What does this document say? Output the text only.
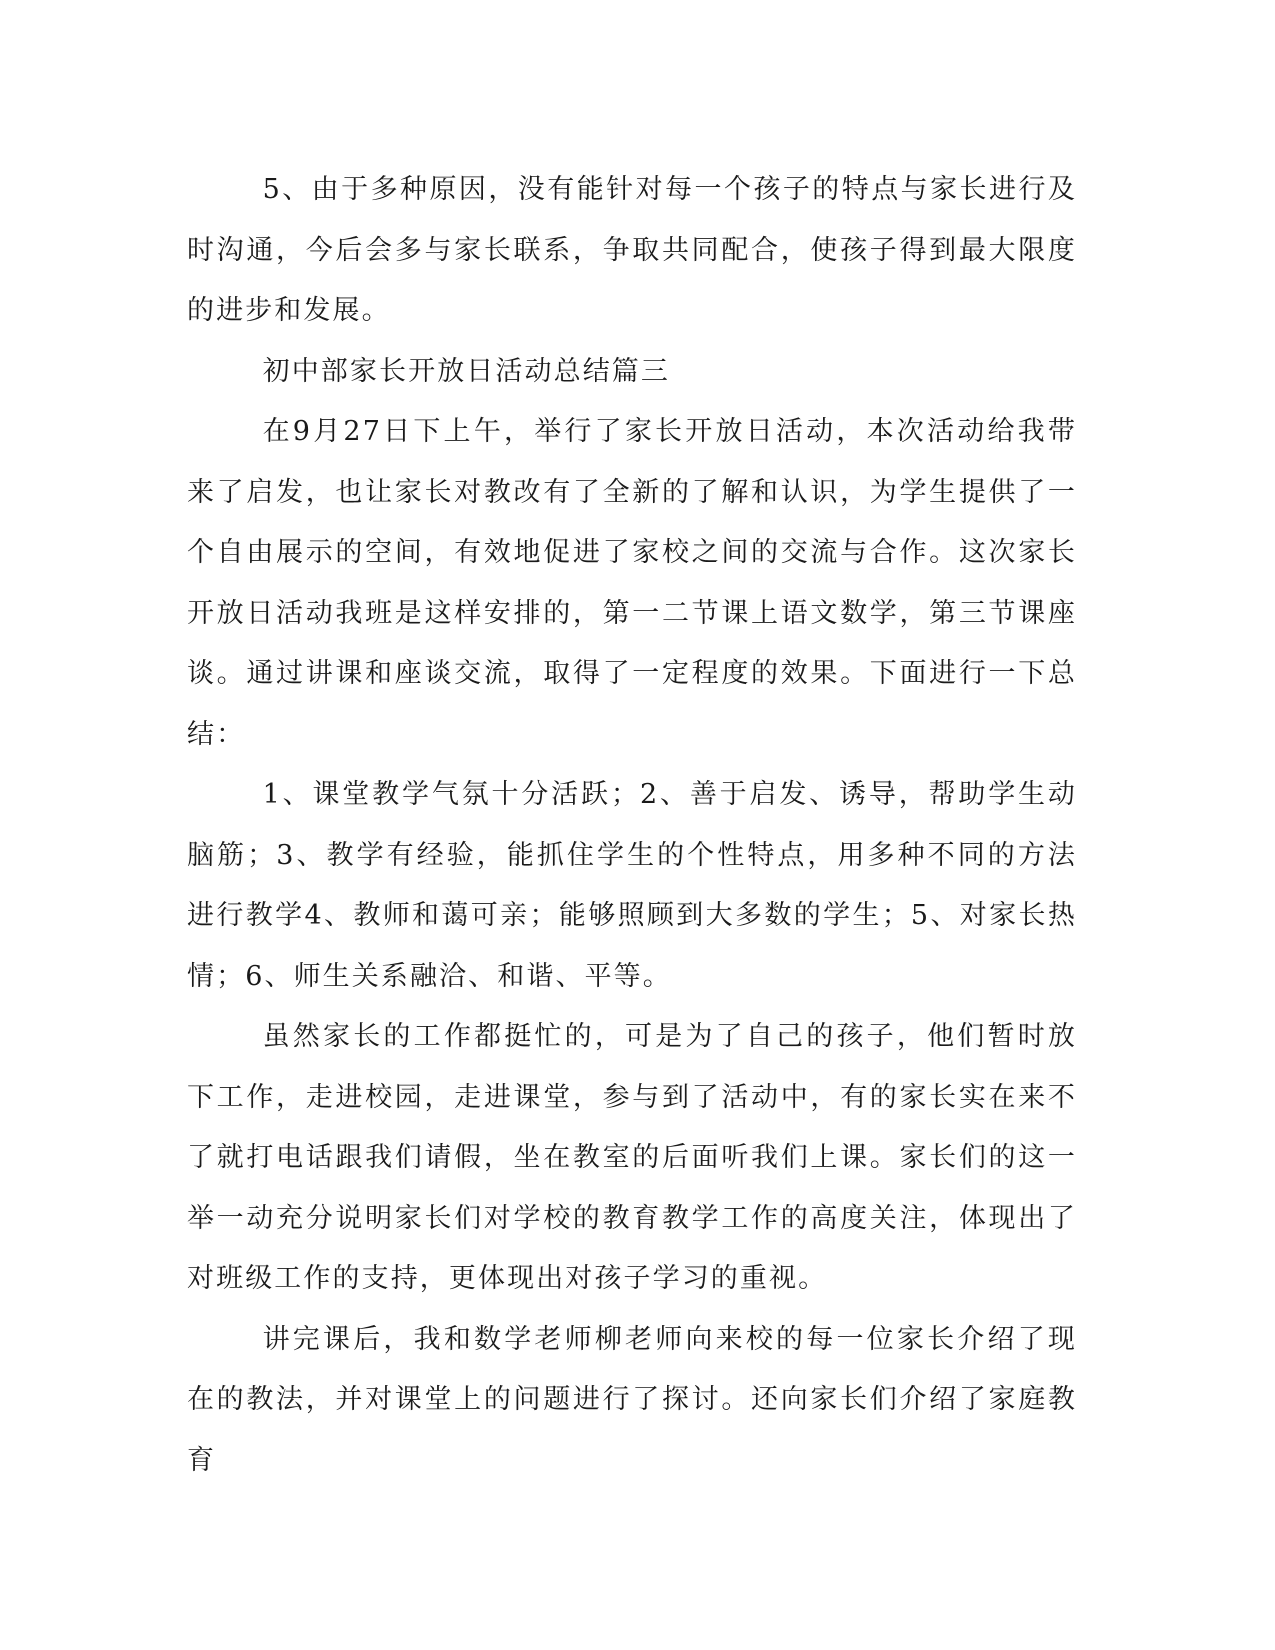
5、由于多种原因，没有能针对每一个孩子的特点与家长进行及时沟通，今后会多与家长联系，争取共同配合，使孩子得到最大限度的进步和发展。

初中部家长开放日活动总结篇三

在9月27日下上午，举行了家长开放日活动，本次活动给我带来了启发，也让家长对教改有了全新的了解和认识，为学生提供了一个自由展示的空间，有效地促进了家校之间的交流与合作。这次家长开放日活动我班是这样安排的，第一二节课上语文数学，第三节课座谈。通过讲课和座谈交流，取得了一定程度的效果。下面进行一下总结：

1、课堂教学气氛十分活跃；2、善于启发、诱导，帮助学生动脑筋；3、教学有经验，能抓住学生的个性特点，用多种不同的方法进行教学4、教师和蔼可亲；能够照顾到大多数的学生；5、对家长热情；6、师生关系融洽、和谐、平等。

虽然家长的工作都挺忙的，可是为了自己的孩子，他们暂时放下工作，走进校园，走进课堂，参与到了活动中，有的家长实在来不了就打电话跟我们请假，坐在教室的后面听我们上课。家长们的这一举一动充分说明家长们对学校的教育教学工作的高度关注，体现出了对班级工作的支持，更体现出对孩子学习的重视。

讲完课后，我和数学老师柳老师向来校的每一位家长介绍了现在的教法，并对课堂上的问题进行了探讨。还向家长们介绍了家庭教育
